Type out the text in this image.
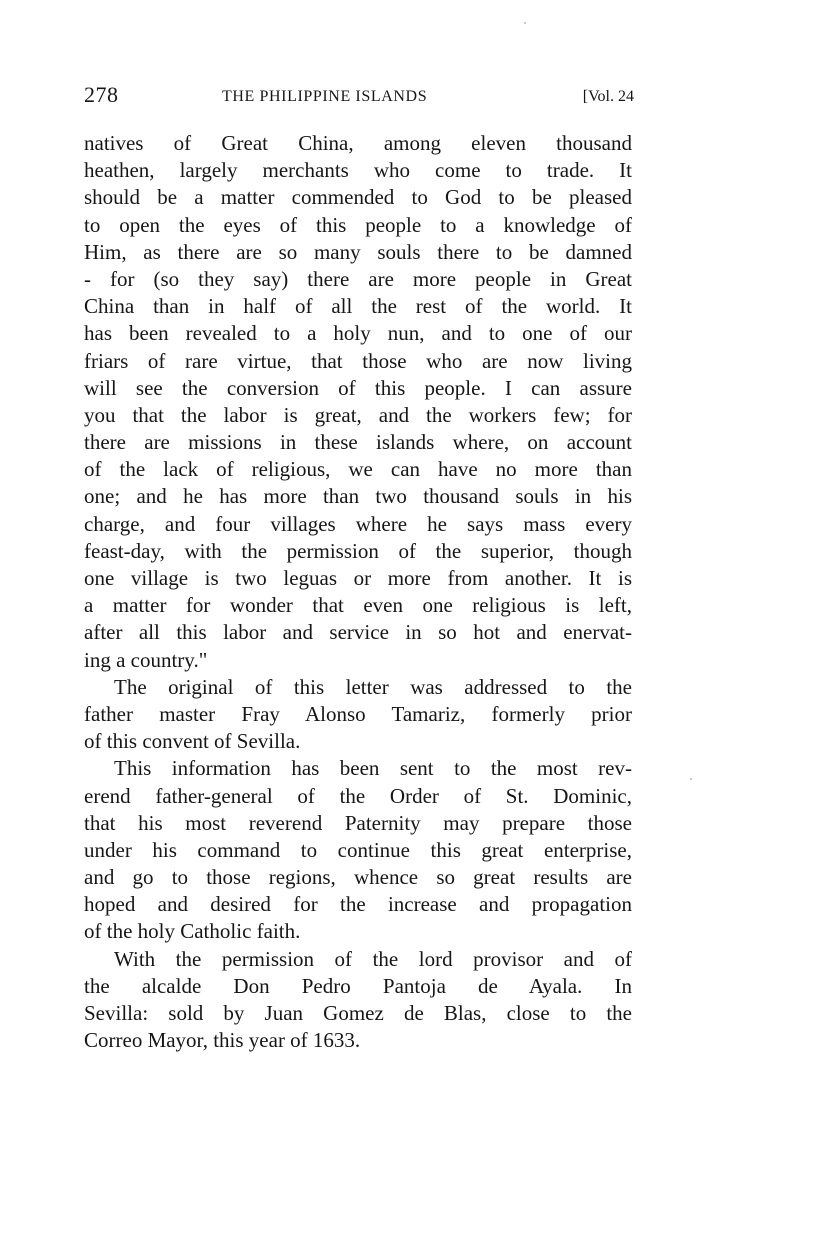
278	THE PHILIPPINE ISLANDS	[Vol. 24
natives of Great China, among eleven thousand
heathen, largely merchants who come to trade. It
should be a matter commended to God to be pleased
to open the eyes of this people to a knowledge of
Him, as there are so many souls there to be damned
- for (so they say) there are more people in Great
China than in half of all the rest of the world. It
has been revealed to a holy nun, and to one of our
friars of rare virtue, that those who are now living
will see the conversion of this people. I can assure
you that the labor is great, and the workers few; for
there are missions in these islands where, on account
of the lack of religious, we can have no more than
one; and he has more than two thousand souls in his
charge, and four villages where he says mass every
feast-day, with the permission of the superior, though
one village is two leguas or more from another. It is
a matter for wonder that even one religious is left,
after all this labor and service in so hot and enervat-
ing a country."
The original of this letter was addressed to the
father master Fray Alonso Tamariz, formerly prior
of this convent of Sevilla.
This information has been sent to the most rev-
erend father-general of the Order of St. Dominic,
that his most reverend Paternity may prepare those
under his command to continue this great enterprise,
and go to those regions, whence so great results are
hoped and desired for the increase and propagation
of the holy Catholic faith.
With the permission of the lord provisor and of
the alcalde Don Pedro Pantoja de Ayala. In
Sevilla: sold by Juan Gomez de Blas, close to the
Correo Mayor, this year of 1633.
